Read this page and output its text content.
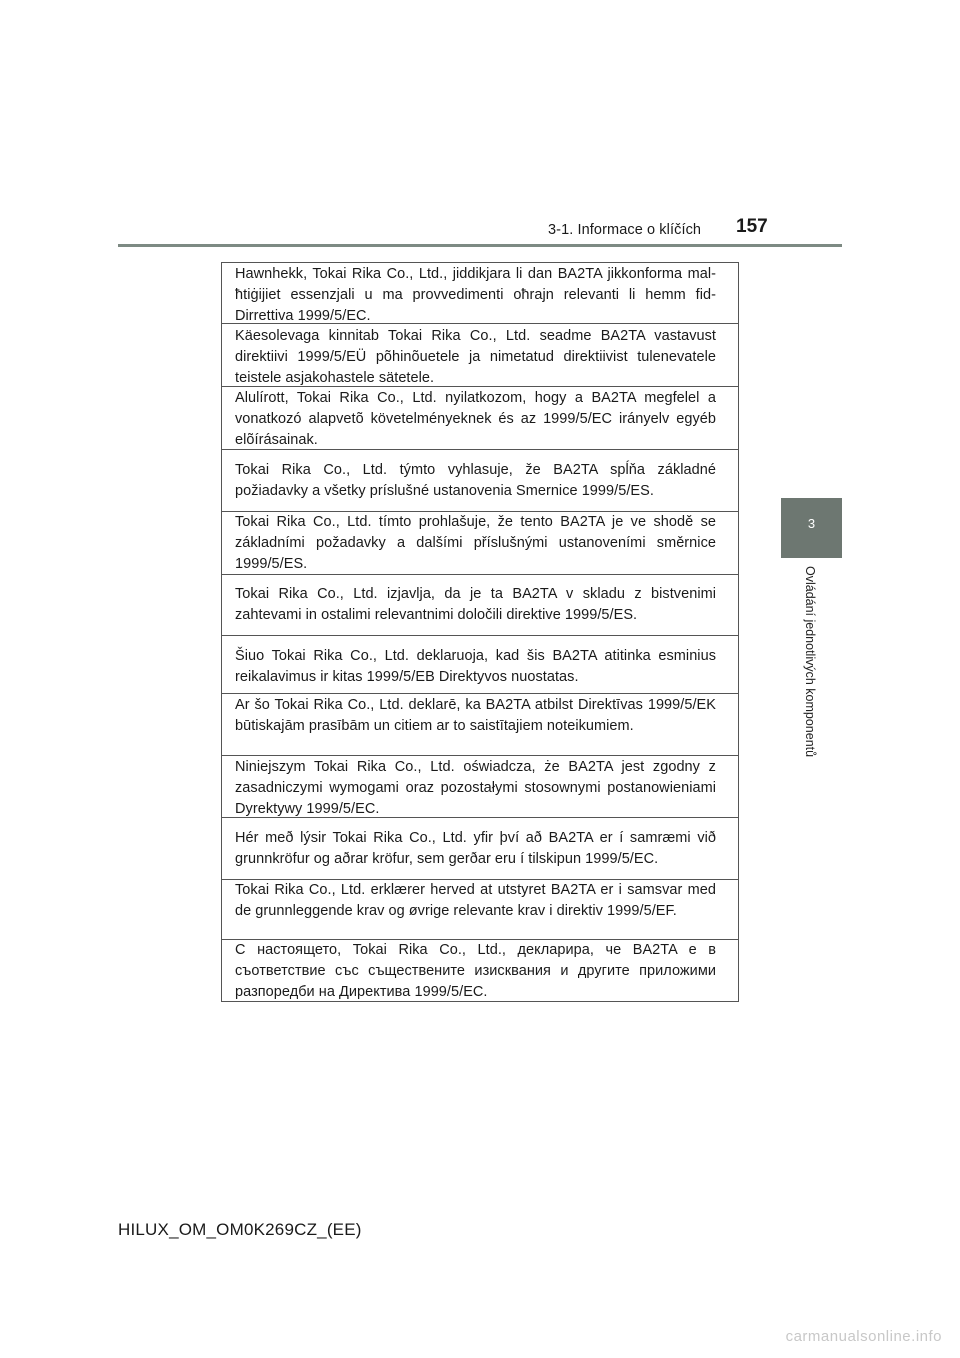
3-1. Informace o klíčích 157
3
Ovládání jednotlivých komponentů

Hawnhekk, Tokai Rika Co., Ltd., jiddikjara li dan BA2TA jikkonforma mal-ħtiġijiet essenzjali u ma provvedimenti oħrajn relevanti li hemm fid-Dirrettiva 1999/5/EC.

Käesolevaga kinnitab Tokai Rika Co., Ltd. seadme BA2TA vastavust direktiivi 1999/5/EÜ põhinõuetele ja nimetatud direktiivist tulenevatele teistele asjakohastele sätetele.

Alulírott, Tokai Rika Co., Ltd. nyilatkozom, hogy a BA2TA megfelel a vonatkozó alapvetõ követelményeknek és az 1999/5/EC irányelv egyéb elõírásainak.

Tokai Rika Co., Ltd. týmto vyhlasuje, že BA2TA spĺňa základné požiadavky a všetky príslušné ustanovenia Smernice 1999/5/ES.

Tokai Rika Co., Ltd. tímto prohlašuje, že tento BA2TA je ve shodě se základními požadavky a dalšími příslušnými ustanoveními směrnice 1999/5/ES.

Tokai Rika Co., Ltd. izjavlja, da je ta BA2TA v skladu z bistvenimi zahtevami in ostalimi relevantnimi določili direktive 1999/5/ES.

Šiuo Tokai Rika Co., Ltd. deklaruoja, kad šis BA2TA atitinka esminius reikalavimus ir kitas 1999/5/EB Direktyvos nuostatas.

Ar šo Tokai Rika Co., Ltd. deklarē, ka BA2TA atbilst Direktīvas 1999/5/EK būtiskajām prasībām un citiem ar to saistītajiem noteikumiem.

Niniejszym Tokai Rika Co., Ltd. oświadcza, że BA2TA jest zgodny z zasadniczymi wymogami oraz pozostałymi stosownymi postanowieniami Dyrektywy 1999/5/EC.

Hér með lýsir Tokai Rika Co., Ltd. yfir því að BA2TA er í samræmi við grunnkröfur og aðrar kröfur, sem gerðar eru í tilskipun 1999/5/EC.

Tokai Rika Co., Ltd. erklærer herved at utstyret BA2TA er i samsvar med de grunnleggende krav og øvrige relevante krav i direktiv 1999/5/EF.

С настоящето, Tokai Rika Co., Ltd., декларира, че BA2TA е в съответствие със съществените изисквания и другите приложими разпоредби на Директива 1999/5/EC.

HILUX_OM_OM0K269CZ_(EE)
carmanualsonline.info
